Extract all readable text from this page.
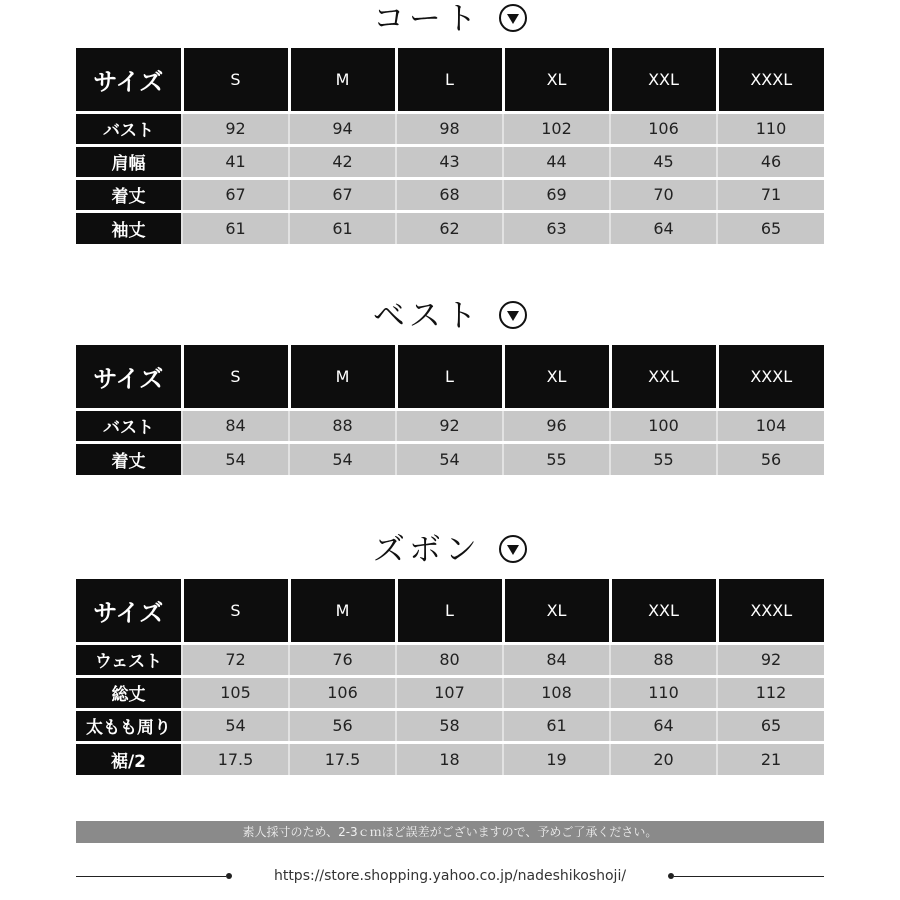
コート
サイズ	S	M	L	XL	XXL	XXXL
バスト	92	94	98	102	106	110
肩幅	41	42	43	44	45	46
着丈	67	67	68	69	70	71
袖丈	61	61	62	63	64	65
ベスト
サイズ	S	M	L	XL	XXL	XXXL
バスト	84	88	92	96	100	104
着丈	54	54	54	55	55	56
ズボン
サイズ	S	M	L	XL	XXL	XXXL
ウェスト	72	76	80	84	88	92
総丈	105	106	107	108	110	112
太もも周り	54	56	58	61	64	65
裾/2	17.5	17.5	18	19	20	21
素人採寸のため、2-3ｃｍほど誤差がございますので、予めご了承ください。
https://store.shopping.yahoo.co.jp/nadeshikoshoji/
